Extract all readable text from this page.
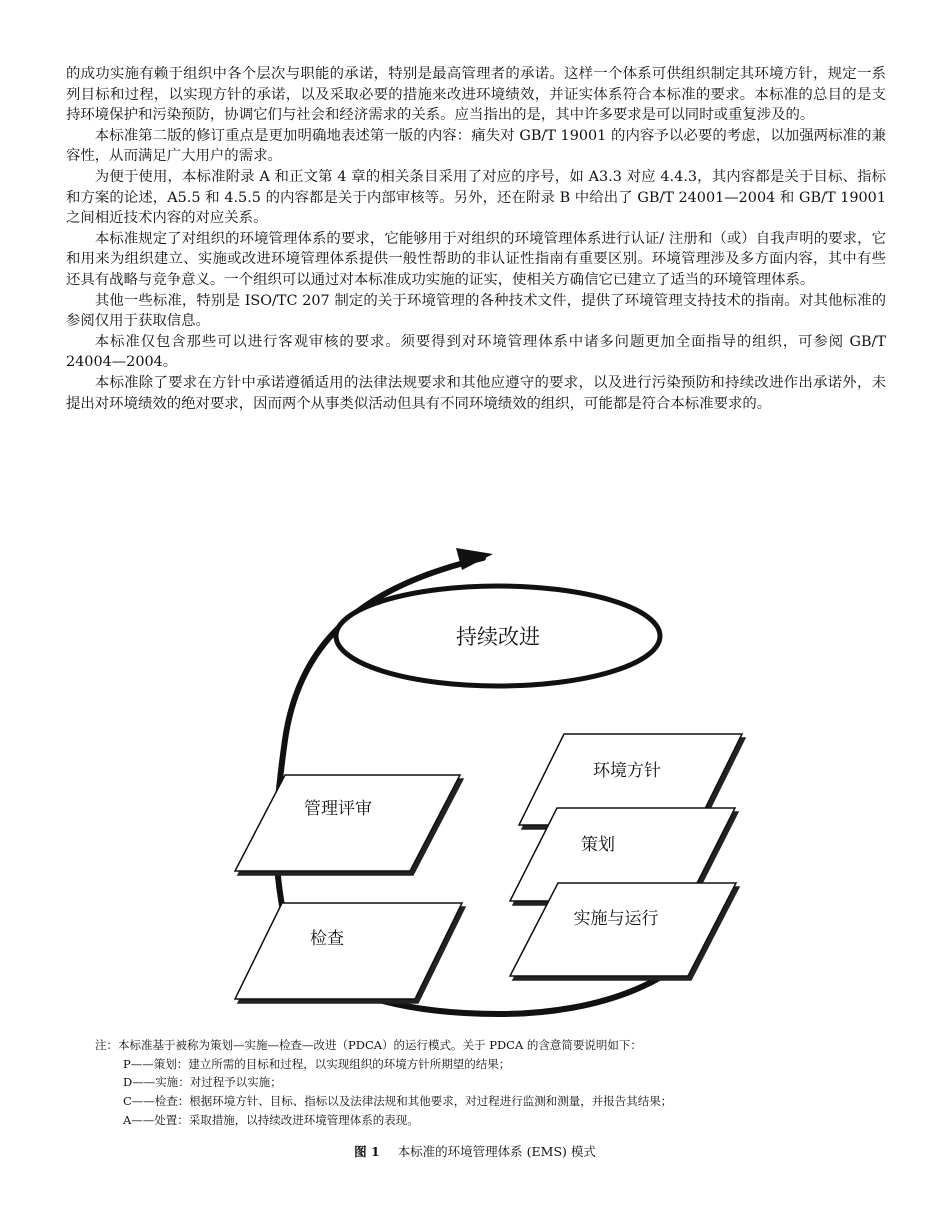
的成功实施有赖于组织中各个层次与职能的承诺，特别是最高管理者的承诺。这样一个体系可供组织制定其环境方针，规定一系列目标和过程，以实现方针的承诺，以及采取必要的措施来改进环境绩效，并证实体系符合本标准的要求。本标准的总目的是支持环境保护和污染预防，协调它们与社会和经济需求的关系。应当指出的是，其中许多要求是可以同时或重复涉及的。

本标准第二版的修订重点是更加明确地表述第一版的内容：痛失对 GB/T 19001 的内容予以必要的考虑，以加强两标准的兼容性，从而满足广大用户的需求。

为便于使用，本标准附录 A 和正文第 4 章的相关条目采用了对应的序号，如 A3.3 对应 4.4.3，其内容都是关于目标、指标和方案的论述，A5.5 和 4.5.5 的内容都是关于内部审核等。另外，还在附录 B 中给出了 GB/T 24001—2004 和 GB/T 19001 之间相近技术内容的对应关系。

本标准规定了对组织的环境管理体系的要求，它能够用于对组织的环境管理体系进行认证/ 注册和（或）自我声明的要求，它和用来为组织建立、实施或改进环境管理体系提供一般性帮助的非认证性指南有重要区别。环境管理涉及多方面内容，其中有些还具有战略与竞争意义。一个组织可以通过对本标准成功实施的证实，使相关方确信它已建立了适当的环境管理体系。

其他一些标准，特别是 ISO/TC 207 制定的关于环境管理的各种技术文件，提供了环境管理支持技术的指南。对其他标准的参阅仅用于获取信息。

本标准仅包含那些可以进行客观审核的要求。须要得到对环境管理体系中诸多问题更加全面指导的组织，可参阅 GB/T 24004—2004。

本标准除了要求在方针中承诺遵循适用的法律法规要求和其他应遵守的要求，以及进行污染预防和持续改进作出承诺外，未提出对环境绩效的绝对要求，因而两个从事类似活动但具有不同环境绩效的组织，可能都是符合本标准要求的。

持续改进
管理评审
检查
环境方针
策划
实施与运行
注：本标准基于被称为策划—实施—检查—改进（PDCA）的运行模式。关于 PDCA 的含意简要说明如下：
P——策划：建立所需的目标和过程，以实现组织的环境方针所期望的结果；
D——实施：对过程予以实施；
C——检查：根据环境方针、目标、指标以及法律法规和其他要求，对过程进行监测和测量，并报告其结果；
A——处置：采取措施，以持续改进环境管理体系的表现。
图 1 本标准的环境管理体系 (EMS) 模式
